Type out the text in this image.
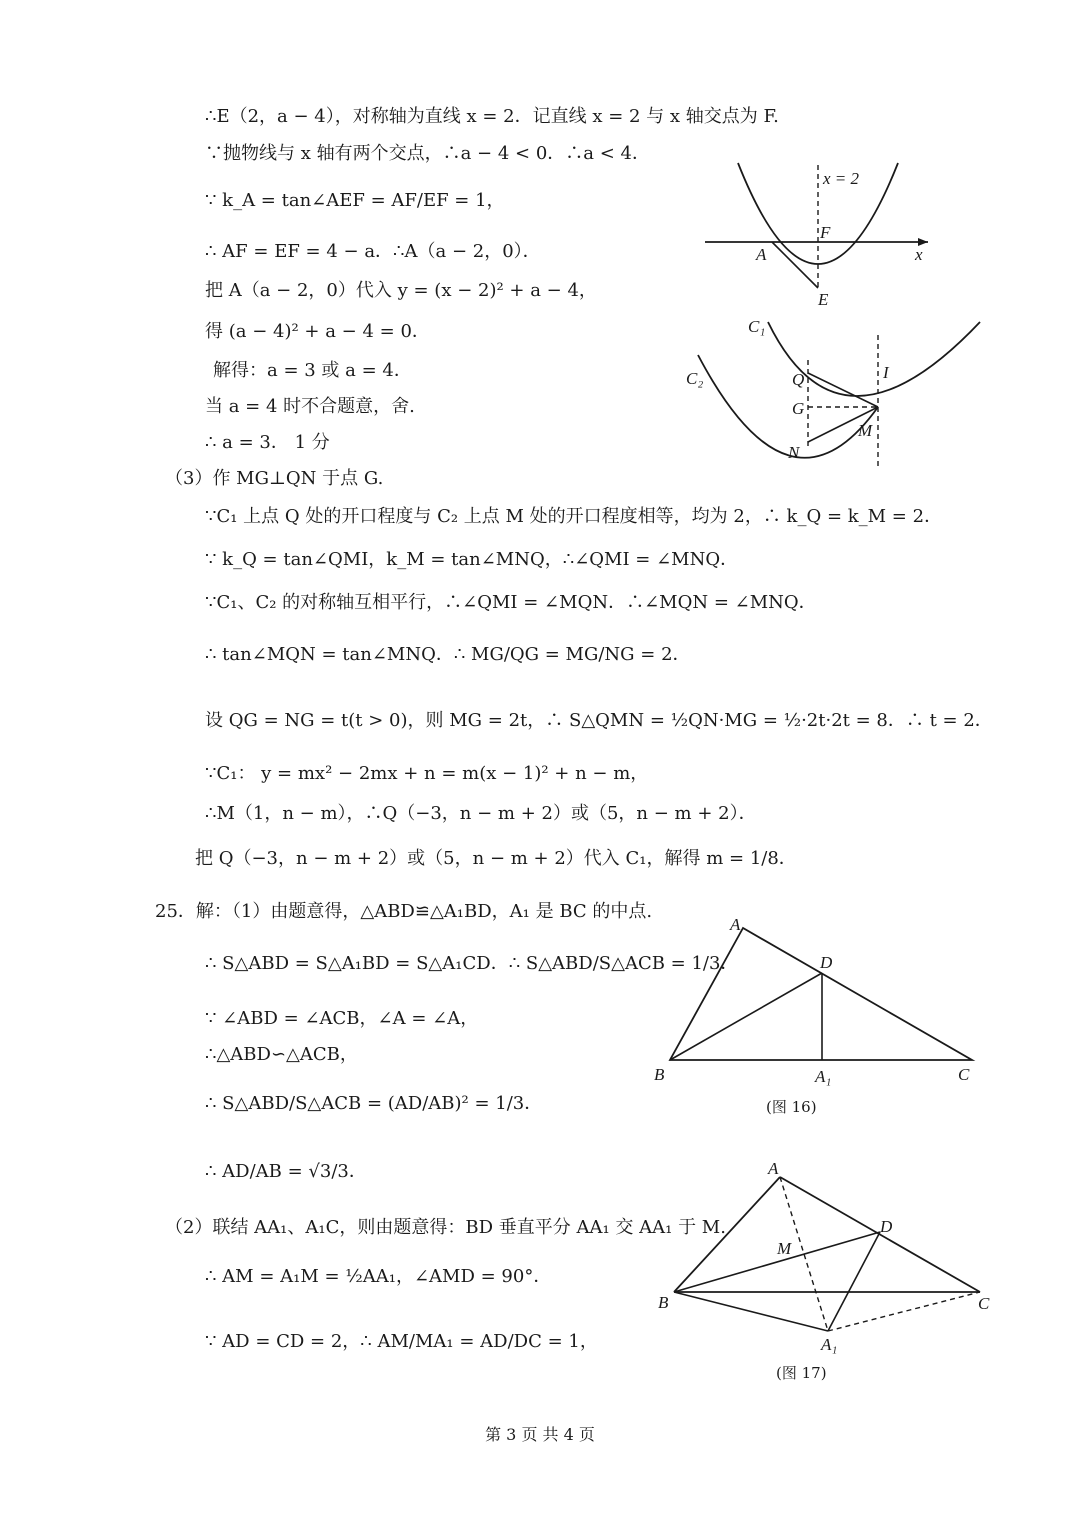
∴E（2，a − 4），对称轴为直线 x = 2．记直线 x = 2 与 x 轴交点为 F.
∵抛物线与 x 轴有两个交点，∴a − 4 < 0．∴a < 4．
∵ k_A = tan∠AEF = AF/EF = 1，
∴ AF = EF = 4 − a．∴A（a − 2，0）．
把 A（a − 2，0）代入 y = (x − 2)² + a − 4，
得 (a − 4)² + a − 4 = 0．
解得：a = 3 或 a = 4．
当 a = 4 时不合题意，舍.
∴ a = 3． 1 分
（3）作 MG⊥QN 于点 G.
∵C₁ 上点 Q 处的开口程度与 C₂ 上点 M 处的开口程度相等，均为 2，∴ k_Q = k_M = 2．
∵ k_Q = tan∠QMI，k_M = tan∠MNQ，∴∠QMI = ∠MNQ．
∵C₁、C₂ 的对称轴互相平行，∴∠QMI = ∠MQN．∴∠MQN = ∠MNQ．
∴ tan∠MQN = tan∠MNQ．∴ MG/QG = MG/NG = 2．
设 QG = NG = t(t > 0)，则 MG = 2t，∴ S△QMN = ½QN·MG = ½·2t·2t = 8．∴ t = 2．
∵C₁： y = mx² − 2mx + n = m(x − 1)² + n − m，
∴M（1，n − m），∴Q（−3，n − m + 2）或（5，n − m + 2）．
把 Q（−3，n − m + 2）或（5，n − m + 2）代入 C₁，解得 m = 1/8．
25．解：（1）由题意得，△ABD≌△A₁BD，A₁ 是 BC 的中点.
∴ S△ABD = S△A₁BD = S△A₁CD．∴ S△ABD/S△ACB = 1/3．
∵ ∠ABD = ∠ACB，∠A = ∠A，
∴△ABD∽△ACB，
∴ S△ABD/S△ACB = (AD/AB)² = 1/3．
∴ AD/AB = √3/3．
（2）联结 AA₁、A₁C，则由题意得：BD 垂直平分 AA₁ 交 AA₁ 于 M.
∴ AM = A₁M = ½AA₁，∠AMD = 90°．
∵ AD = CD = 2，∴ AM/MA₁ = AD/DC = 1，
x = 2
x
A
F
E
C₁
C₂	Q
G
N
M
I
A
D
B	A₁	C
(图 16)
A
D
M
B	C
A₁
(图 17)
第 3 页 共 4 页
